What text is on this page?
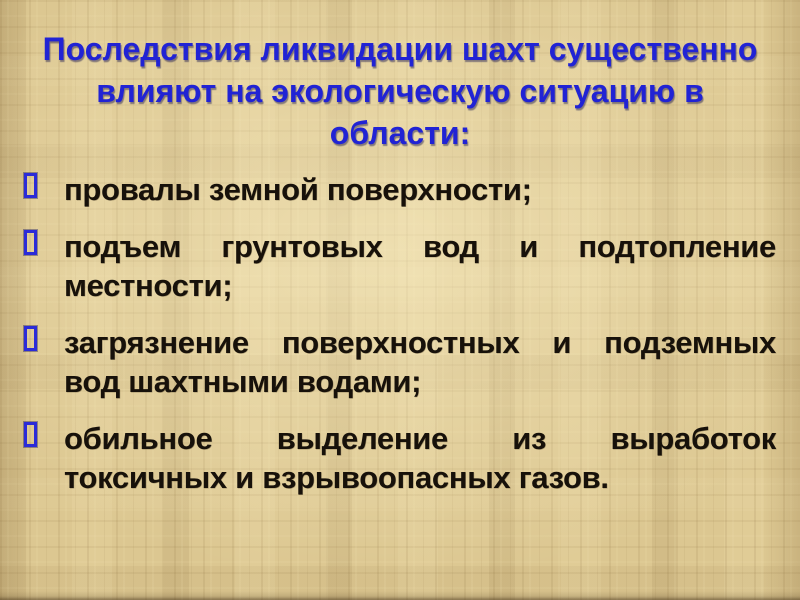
Последствия ликвидации шахт существенно
влияют на экологическую ситуацию в
области:
провалы земной поверхности;
подъем грунтовых вод и подтопление
местности;
загрязнение поверхностных и подземных
вод шахтными водами;
обильное выделение из выработок
токсичных и взрывоопасных газов.
